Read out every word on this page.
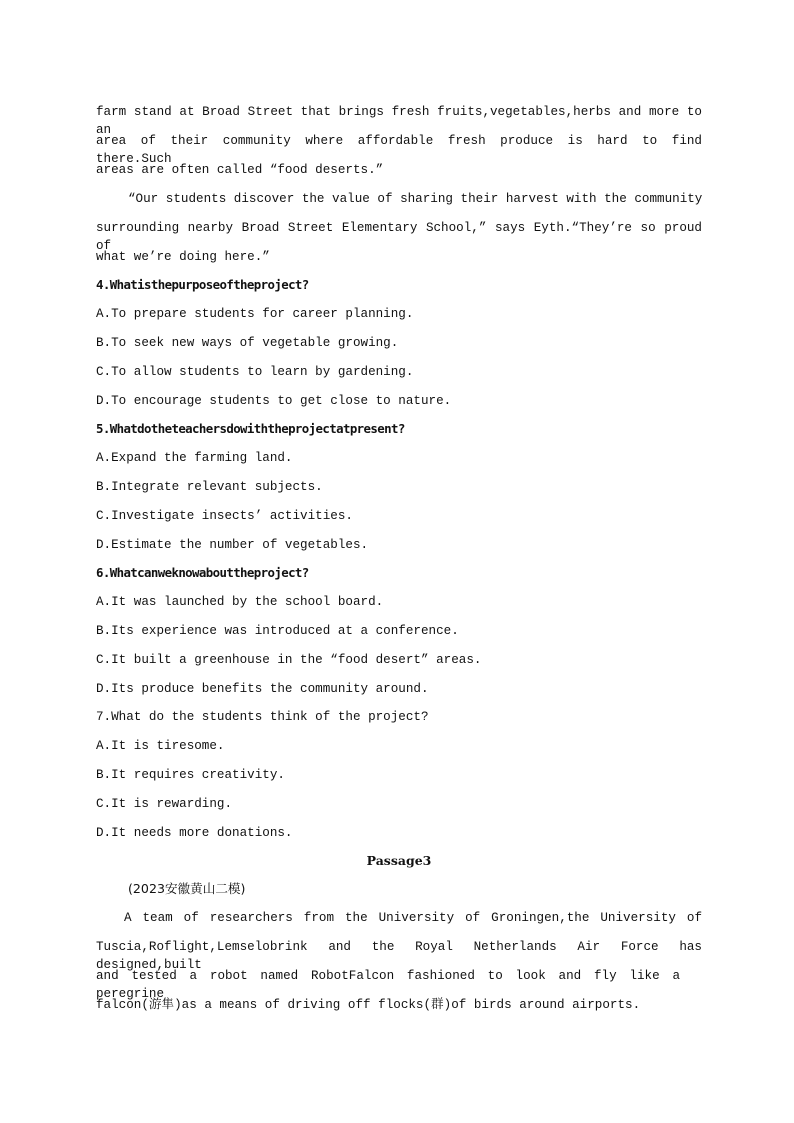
farm stand at Broad Street that brings fresh fruits,vegetables,herbs and more to an
area of their community where affordable fresh produce is hard to find there.Such
areas are often called “food deserts.”
“Our students discover the value of sharing their harvest with the community
surrounding nearby Broad Street Elementary School,” says Eyth.“They’re so proud of
what we’re doing here.”
4.Whatisthepurposeoftheproject?
A.To prepare students for career planning.
B.To seek new ways of vegetable growing.
C.To allow students to learn by gardening.
D.To encourage students to get close to nature.
5.Whatdotheteachersdowiththeprojectatpresent?
A.Expand the farming land.
B.Integrate relevant subjects.
C.Investigate insects’ activities.
D.Estimate the number of vegetables.
6.Whatcanweknowabouttheproject?
A.It was launched by the school board.
B.Its experience was introduced at a conference.
C.It built a greenhouse in the “food desert” areas.
D.Its produce benefits the community around.
7.What do the students think of the project?
A.It is tiresome.
B.It requires creativity.
C.It is rewarding.
D.It needs more donations.
Passage3
(2023安徽黄山二模)
A team of researchers from the University of Groningen,the University of
Tuscia,Roflight,Lemselobrink and the Royal Netherlands Air Force has designed,built
and tested a robot named RobotFalcon fashioned to look and fly like a peregrine
falcon(游隼)as a means of driving off flocks(群)of birds around airports.
